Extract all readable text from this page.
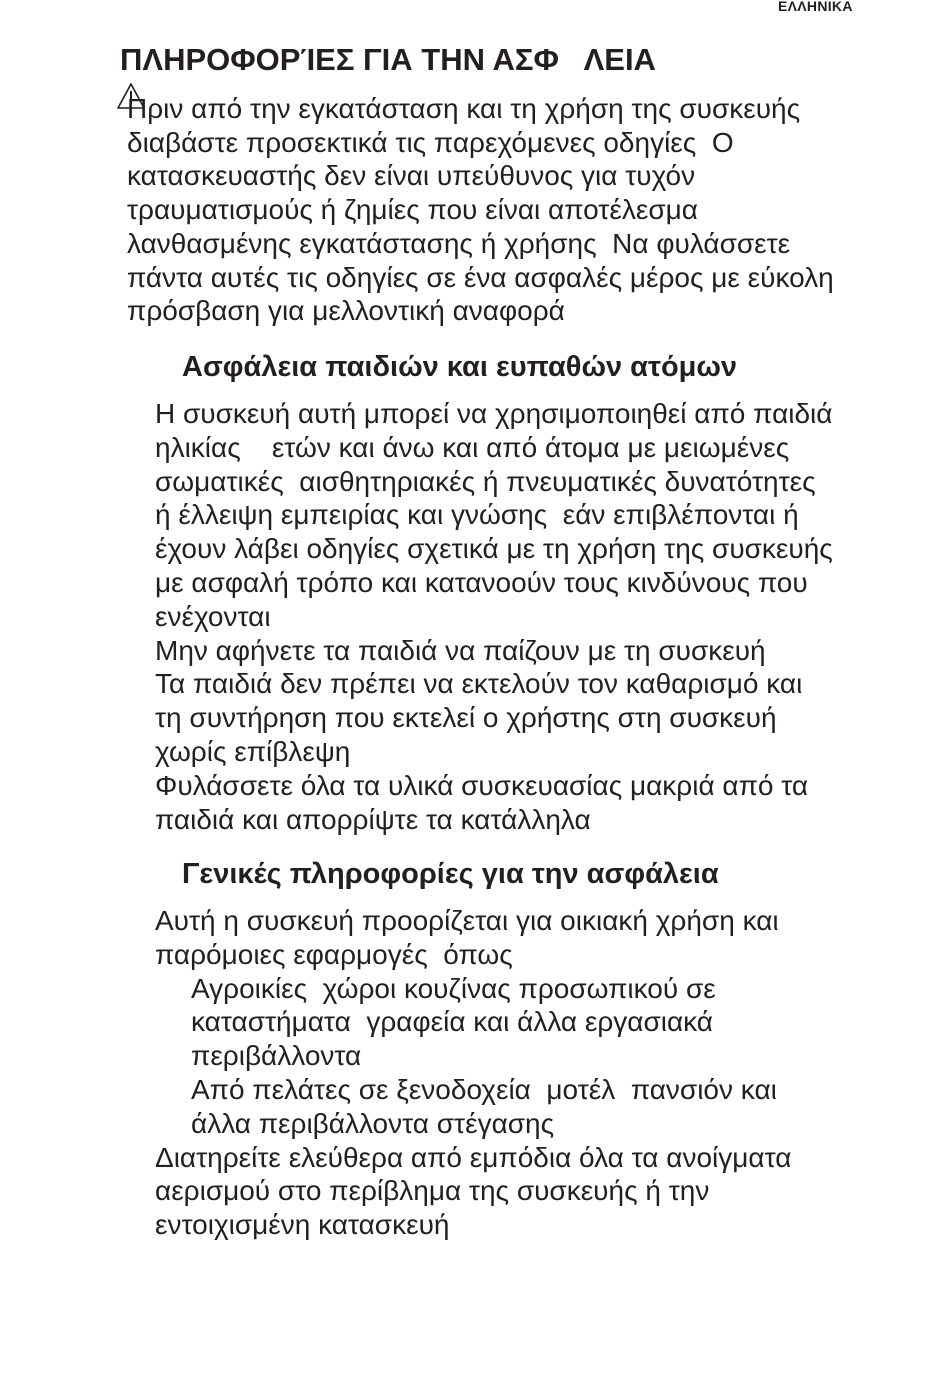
ΕΛΛΗΝΙΚΑ

ΠΛΗΡΟΦΟΡΊΕΣ ΓΙΑ ΤΗΝ ΑΣΦ   ΛΕΙΑ
Πριν από την εγκατάσταση και τη χρήση της συσκευής
διαβάστε προσεκτικά τις παρεχόμενες οδηγίες  Ο
κατασκευαστής δεν είναι υπεύθυνος για τυχόν
τραυματισμούς ή ζημίες που είναι αποτέλεσμα
λανθασμένης εγκατάστασης ή χρήσης  Να φυλάσσετε
πάντα αυτές τις οδηγίες σε ένα ασφαλές μέρος με εύκολη
πρόσβαση για μελλοντική αναφορά
Ασφάλεια παιδιών και ευπαθών ατόμων
Η συσκευή αυτή μπορεί να χρησιμοποιηθεί από παιδιά
ηλικίας    ετών και άνω και από άτομα με μειωμένες
σωματικές  αισθητηριακές ή πνευματικές δυνατότητες
ή έλλειψη εμπειρίας και γνώσης  εάν επιβλέπονται ή
έχουν λάβει οδηγίες σχετικά με τη χρήση της συσκευής
με ασφαλή τρόπο και κατανοούν τους κινδύνους που
ενέχονται
Μην αφήνετε τα παιδιά να παίζουν με τη συσκευή
Τα παιδιά δεν πρέπει να εκτελούν τον καθαρισμό και
τη συντήρηση που εκτελεί ο χρήστης στη συσκευή
χωρίς επίβλεψη
Φυλάσσετε όλα τα υλικά συσκευασίας μακριά από τα
παιδιά και απορρίψτε τα κατάλληλα
Γενικές πληροφορίες για την ασφάλεια
Αυτή η συσκευή προορίζεται για οικιακή χρήση και
παρόμοιες εφαρμογές  όπως
Αγροικίες  χώροι κουζίνας προσωπικού σε
καταστήματα  γραφεία και άλλα εργασιακά
περιβάλλοντα
Από πελάτες σε ξενοδοχεία  μοτέλ  πανσιόν και
άλλα περιβάλλοντα στέγασης
Διατηρείτε ελεύθερα από εμπόδια όλα τα ανοίγματα
αερισμού στο περίβλημα της συσκευής ή την
εντοιχισμένη κατασκευή
